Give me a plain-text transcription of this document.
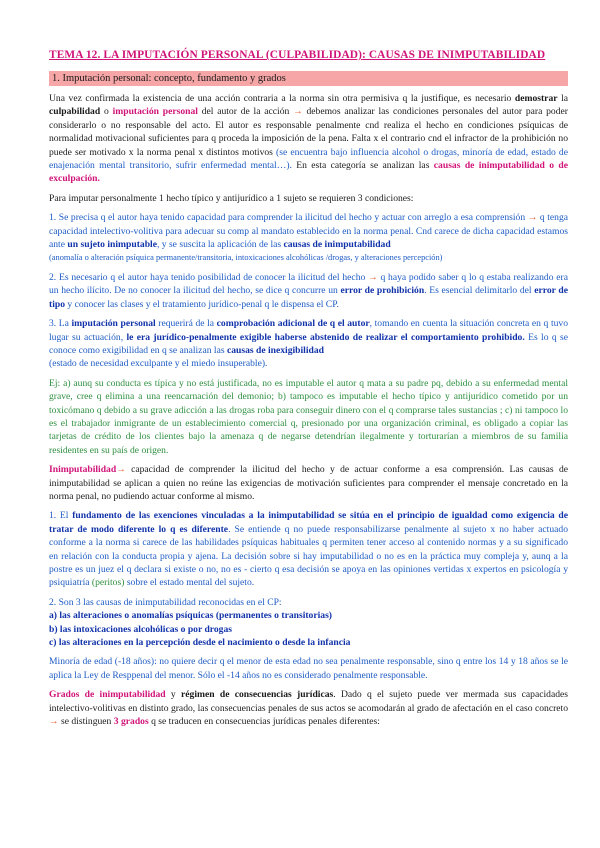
TEMA 12. LA IMPUTACIÓN PERSONAL (CULPABILIDAD): CAUSAS DE INIMPUTABILIDAD
1. Imputación personal: concepto, fundamento y grados

Una vez confirmada la existencia de una acción contraria a la norma sin otra permisiva q la justifique, es necesario demostrar la culpabilidad o imputación personal del autor de la acción → debemos analizar las condiciones personales del autor para poder considerarlo o no responsable del acto. El autor es responsable penalmente cnd realiza el hecho en condiciones psíquicas de normalidad motivacional suficientes para q proceda la imposición de la pena. Falta x el contrario cnd el infractor de la prohibición no puede ser motivado x la norma penal x distintos motivos (se encuentra bajo influencia alcohol o drogas, minoría de edad, estado de enajenación mental transitorio, sufrir enfermedad mental…). En esta categoría se analizan las causas de inimputabilidad o de exculpación.

Para imputar personalmente 1 hecho típico y antijurídico a 1 sujeto se requieren 3 condiciones:

1. Se precisa q el autor haya tenido capacidad para comprender la ilicitud del hecho y actuar con arreglo a esa comprensión → q tenga capacidad intelectivo-volitiva para adecuar su comp al mandato establecido en la norma penal. Cnd carece de dicha capacidad estamos ante un sujeto inimputable, y se suscita la aplicación de las causas de inimputabilidad
(anomalía o alteración psíquica permanente/transitoria, intoxicaciones alcohólicas /drogas, y alteraciones percepción)

2. Es necesario q el autor haya tenido posibilidad de conocer la ilicitud del hecho → q haya podido saber q lo q estaba realizando era un hecho ilícito. De no conocer la ilicitud del hecho, se dice q concurre un error de prohibición. Es esencial delimitarlo del error de tipo y conocer las clases y el tratamiento jurídico-penal q le dispensa el CP.

3. La imputación personal requerirá de la comprobación adicional de q el autor, tomando en cuenta la situación concreta en q tuvo lugar su actuación, le era jurídico-penalmente exigible haberse abstenido de realizar el comportamiento prohibido. Es lo q se conoce como exigibilidad en q se analizan las causas de inexigibilidad
(estado de necesidad exculpante y el miedo insuperable).

Ej: a) aunq su conducta es típica y no está justificada, no es imputable el autor q mata a su padre pq, debido a su enfermedad mental grave, cree q elimina a una reencarnación del demonio; b) tampoco es imputable el hecho típico y antijurídico cometido por un toxicómano q debido a su grave adicción a las drogas roba para conseguir dinero con el q comprarse tales sustancias ; c) ni tampoco lo es el trabajador inmigrante de un establecimiento comercial q, presionado por una organización criminal, es obligado a copiar las tarjetas de crédito de los clientes bajo la amenaza q de negarse detendrían ilegalmente y torturarían a miembros de su familia residentes en su país de origen.

Inimputabilidad→ capacidad de comprender la ilicitud del hecho y de actuar conforme a esa comprensión. Las causas de inimputabilidad se aplican a quien no reúne las exigencias de motivación suficientes para comprender el mensaje concretado en la norma penal, no pudiendo actuar conforme al mismo.

1. El fundamento de las exenciones vinculadas a la inimputabilidad se sitúa en el principio de igualdad como exigencia de tratar de modo diferente lo q es diferente. Se entiende q no puede responsabilizarse penalmente al sujeto x no haber actuado conforme a la norma si carece de las habilidades psíquicas habituales q permiten tener acceso al contenido normas y a su significado en relación con la conducta propia y ajena. La decisión sobre si hay imputabilidad o no es en la práctica muy compleja y, aunq a la postre es un juez el q declara si existe o no, no es - cierto q esa decisión se apoya en las opiniones vertidas x expertos en psicología y psiquiatría (peritos) sobre el estado mental del sujeto.

2. Son 3 las causas de inimputabilidad reconocidas en el CP:

a) las alteraciones o anomalías psíquicas (permanentes o transitorias)

b) las intoxicaciones alcohólicas o por drogas

c) las alteraciones en la percepción desde el nacimiento o desde la infancia

Minoría de edad (-18 años): no quiere decir q el menor de esta edad no sea penalmente responsable, sino q entre los 14 y 18 años se le aplica la Ley de Resppenal del menor. Sólo el -14 años no es considerado penalmente responsable.

Grados de inimputabilidad y régimen de consecuencias jurídicas. Dado q el sujeto puede ver mermada sus capacidades intelectivo-volitivas en distinto grado, las consecuencias penales de sus actos se acomodarán al grado de afectación en el caso concreto → se distinguen 3 grados q se traducen en consecuencias jurídicas penales diferentes:
